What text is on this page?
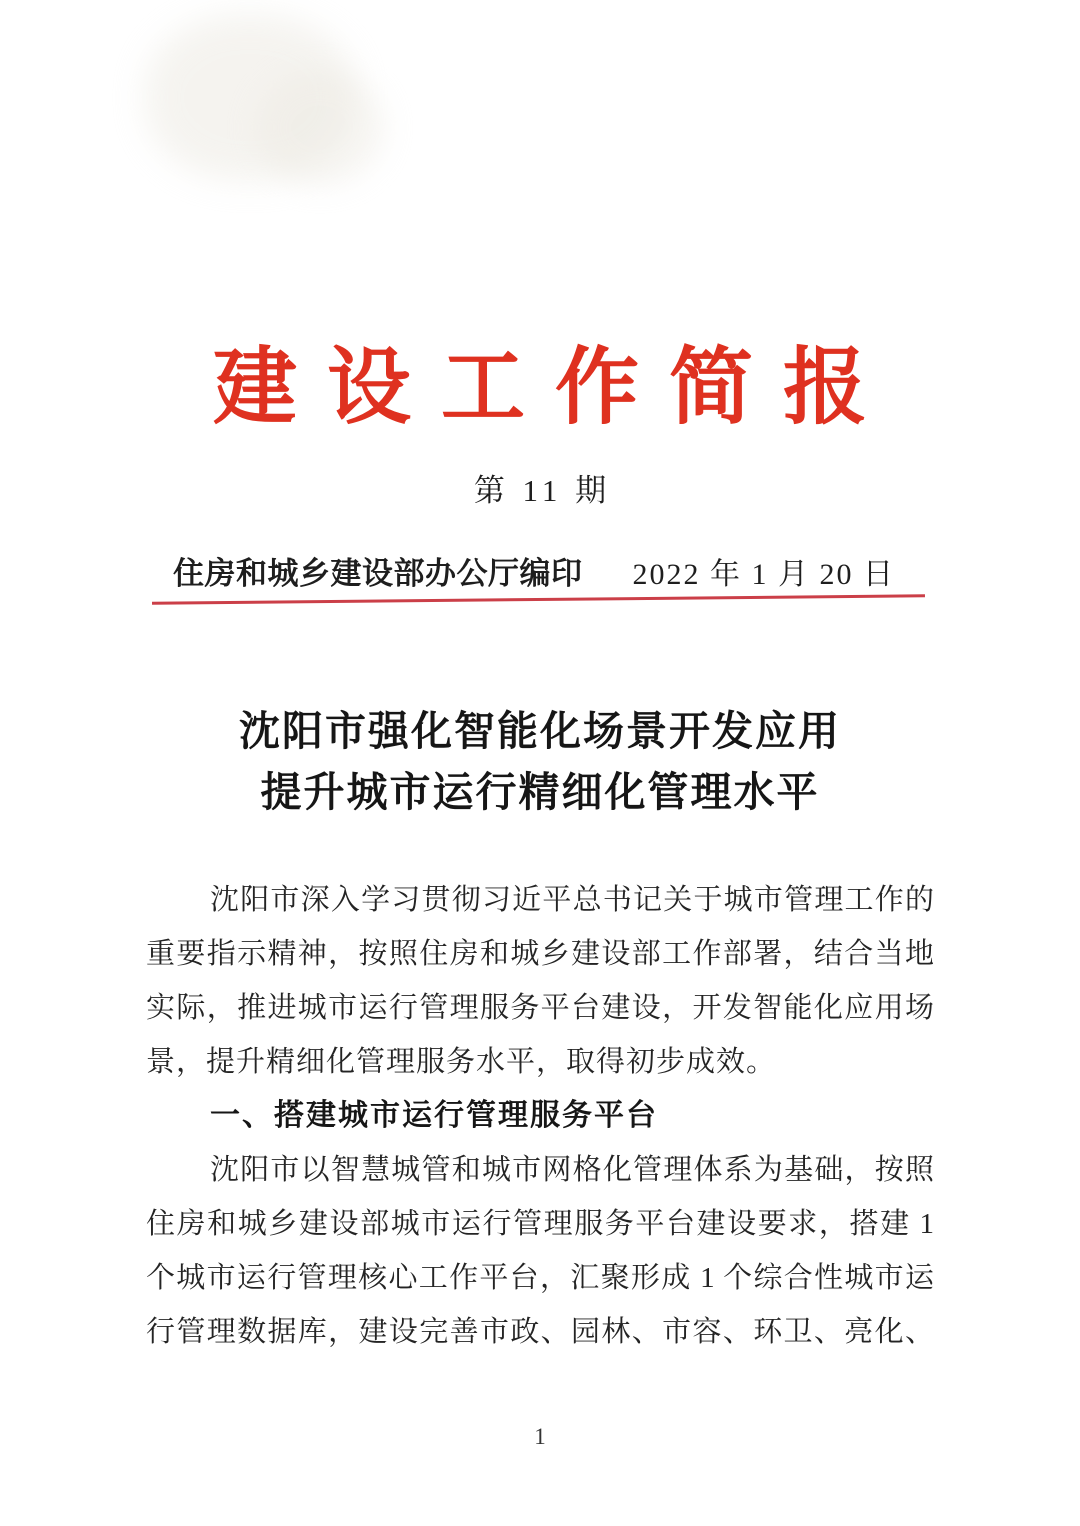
建设工作简报
第 11 期
住房和城乡建设部办公厅编印 2022 年 1 月 20 日
沈阳市强化智能化场景开发应用
提升城市运行精细化管理水平
沈阳市深入学习贯彻习近平总书记关于城市管理工作的
重要指示精神，按照住房和城乡建设部工作部署，结合当地
实际，推进城市运行管理服务平台建设，开发智能化应用场
景，提升精细化管理服务水平，取得初步成效。
一、搭建城市运行管理服务平台
沈阳市以智慧城管和城市网格化管理体系为基础，按照
住房和城乡建设部城市运行管理服务平台建设要求，搭建 1
个城市运行管理核心工作平台，汇聚形成 1 个综合性城市运
行管理数据库，建设完善市政、园林、市容、环卫、亮化、
1
